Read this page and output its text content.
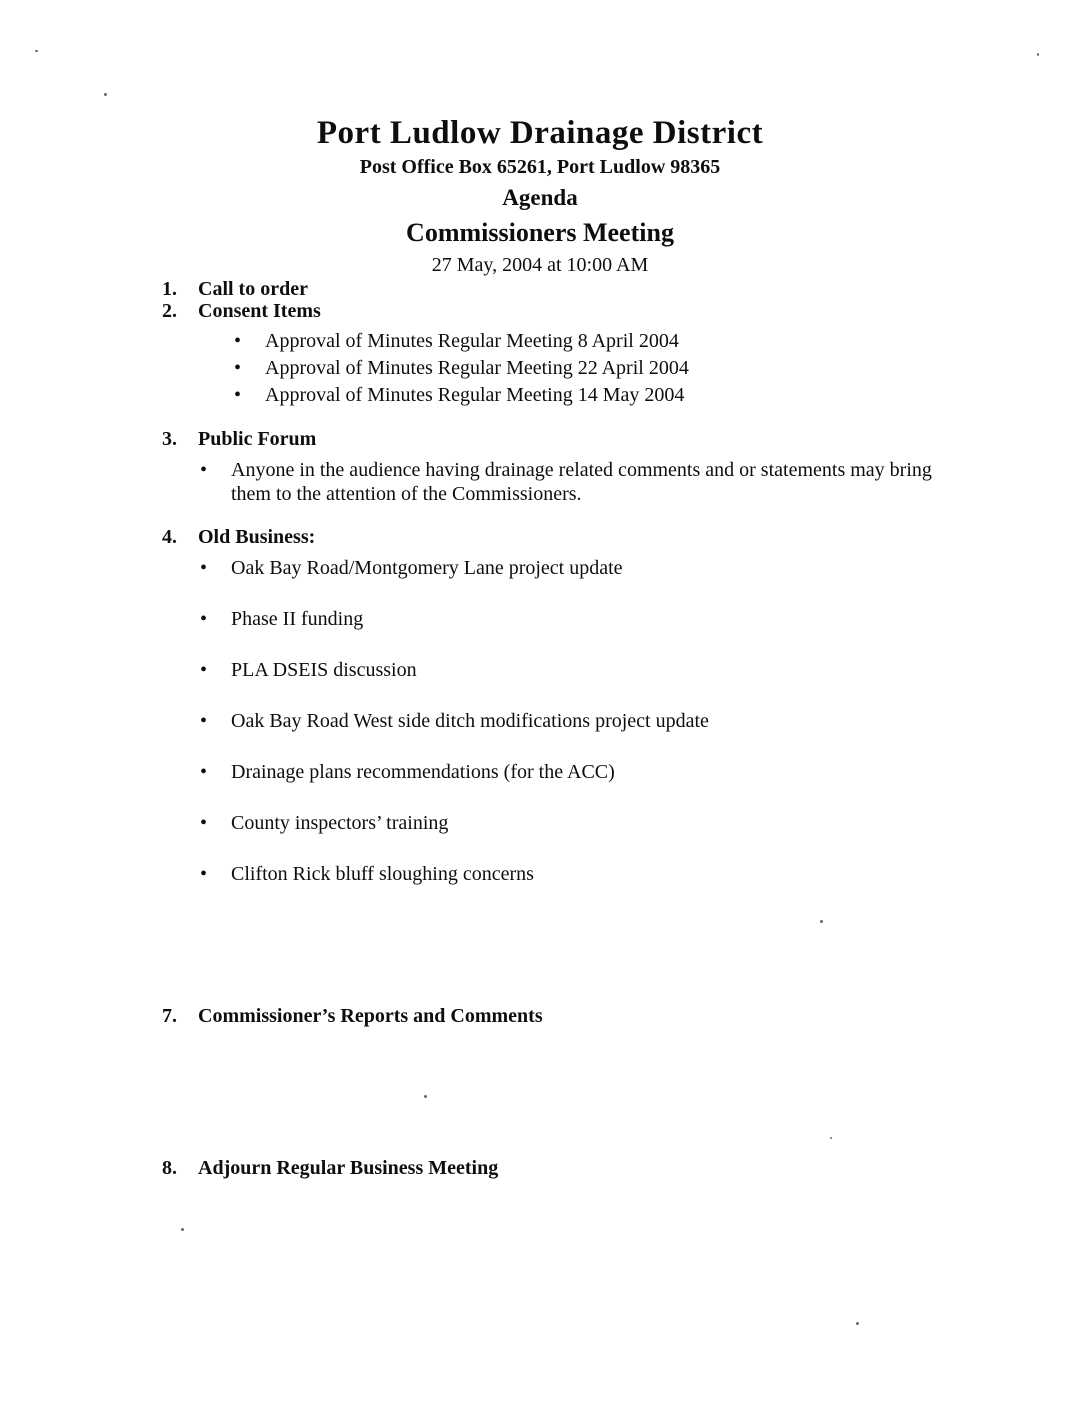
Port Ludlow Drainage District
Post Office Box 65261, Port Ludlow 98365
Agenda
Commissioners Meeting
27 May, 2004 at 10:00 AM
1.	Call to order
2.	Consent Items
•	Approval of Minutes Regular Meeting 8 April 2004
•	Approval of Minutes Regular Meeting 22 April 2004
•	Approval of Minutes Regular Meeting 14 May 2004
3.	Public Forum
•	Anyone in the audience having drainage related comments and or statements may bring them to the attention of the Commissioners.
4.	Old Business:
•	Oak Bay Road/Montgomery Lane project update
•	Phase II funding
•	PLA DSEIS discussion
•	Oak Bay Road West side ditch modifications project update
•	Drainage plans recommendations (for the ACC)
•	County inspectors’ training
•	Clifton Rick bluff sloughing concerns
7.	Commissioner’s Reports and Comments
8.	Adjourn Regular Business Meeting
